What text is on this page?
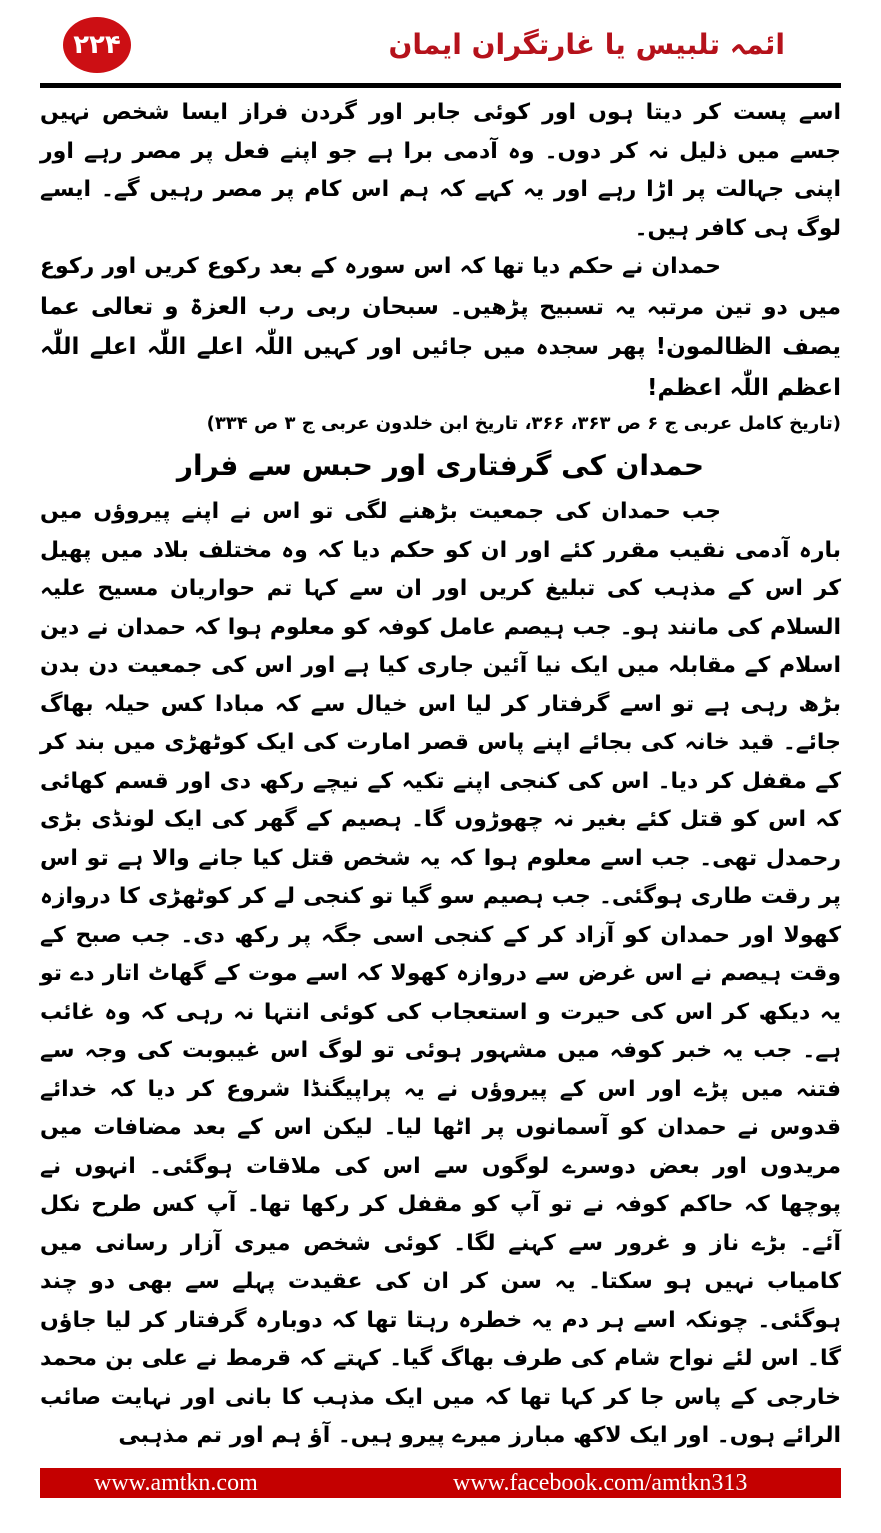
۲۲۴	ائمہ تلبیس یا غارتگران ایمان

اسے پست کر دیتا ہوں اور کوئی جابر اور گردن فراز ایسا شخص نہیں جسے میں ذلیل نہ کر دوں۔ وہ آدمی برا ہے جو اپنے فعل پر مصر رہے اور اپنی جہالت پر اڑا رہے اور یہ کہے کہ ہم اس کام پر مصر رہیں گے۔ ایسے لوگ ہی کافر ہیں۔

حمدان نے حکم دیا تھا کہ اس سورہ کے بعد رکوع کریں اور رکوع میں دو تین مرتبہ یہ تسبیح پڑھیں۔ سبحان ربی رب العزۃ و تعالی عما یصف الظالمون! پھر سجدہ میں جائیں اور کہیں اللّٰہ اعلے اللّٰہ اعلے اللّٰہ اعظم اللّٰہ اعظم!

(تاریخ کامل عربی ج ۶ ص ۳۶۳، ۳۶۶، تاریخ ابن خلدون عربی ج ۳ ص ۳۳۴)

حمدان کی گرفتاری اور حبس سے فرار

جب حمدان کی جمعیت بڑھنے لگی تو اس نے اپنے پیروؤں میں بارہ آدمی نقیب مقرر کئے اور ان کو حکم دیا کہ وہ مختلف بلاد میں پھیل کر اس کے مذہب کی تبلیغ کریں اور ان سے کہا تم حواریان مسیح علیہ السلام کی مانند ہو۔ جب ہیصم عامل کوفہ کو معلوم ہوا کہ حمدان نے دین اسلام کے مقابلہ میں ایک نیا آئین جاری کیا ہے اور اس کی جمعیت دن بدن بڑھ رہی ہے تو اسے گرفتار کر لیا اس خیال سے کہ مبادا کس حیلہ بھاگ جائے۔ قید خانہ کی بجائے اپنے پاس قصر امارت کی ایک کوٹھڑی میں بند کر کے مقفل کر دیا۔ اس کی کنجی اپنے تکیہ کے نیچے رکھ دی اور قسم کھائی کہ اس کو قتل کئے بغیر نہ چھوڑوں گا۔ ہصیم کے گھر کی ایک لونڈی بڑی رحمدل تھی۔ جب اسے معلوم ہوا کہ یہ شخص قتل کیا جانے والا ہے تو اس پر رقت طاری ہوگئی۔ جب ہصیم سو گیا تو کنجی لے کر کوٹھڑی کا دروازہ کھولا اور حمدان کو آزاد کر کے کنجی اسی جگہ پر رکھ دی۔ جب صبح کے وقت ہیصم نے اس غرض سے دروازہ کھولا کہ اسے موت کے گھاٹ اتار دے تو یہ دیکھ کر اس کی حیرت و استعجاب کی کوئی انتہا نہ رہی کہ وہ غائب ہے۔ جب یہ خبر کوفہ میں مشہور ہوئی تو لوگ اس غیبوبت کی وجہ سے فتنہ میں پڑے اور اس کے پیروؤں نے یہ پراپیگنڈا شروع کر دیا کہ خدائے قدوس نے حمدان کو آسمانوں پر اٹھا لیا۔ لیکن اس کے بعد مضافات میں مریدوں اور بعض دوسرے لوگوں سے اس کی ملاقات ہوگئی۔ انہوں نے پوچھا کہ حاکم کوفہ نے تو آپ کو مقفل کر رکھا تھا۔ آپ کس طرح نکل آئے۔ بڑے ناز و غرور سے کہنے لگا۔ کوئی شخص میری آزار رسانی میں کامیاب نہیں ہو سکتا۔ یہ سن کر ان کی عقیدت پہلے سے بھی دو چند ہوگئی۔ چونکہ اسے ہر دم یہ خطرہ رہتا تھا کہ دوبارہ گرفتار کر لیا جاؤں گا۔ اس لئے نواح شام کی طرف بھاگ گیا۔ کہتے کہ قرمط نے علی بن محمد خارجی کے پاس جا کر کہا تھا کہ میں ایک مذہب کا بانی اور نہایت صائب الرائے ہوں۔ اور ایک لاکھ مبارز میرے پیرو ہیں۔ آؤ ہم اور تم مذہبی

www.amtkn.com	www.facebook.com/amtkn313
